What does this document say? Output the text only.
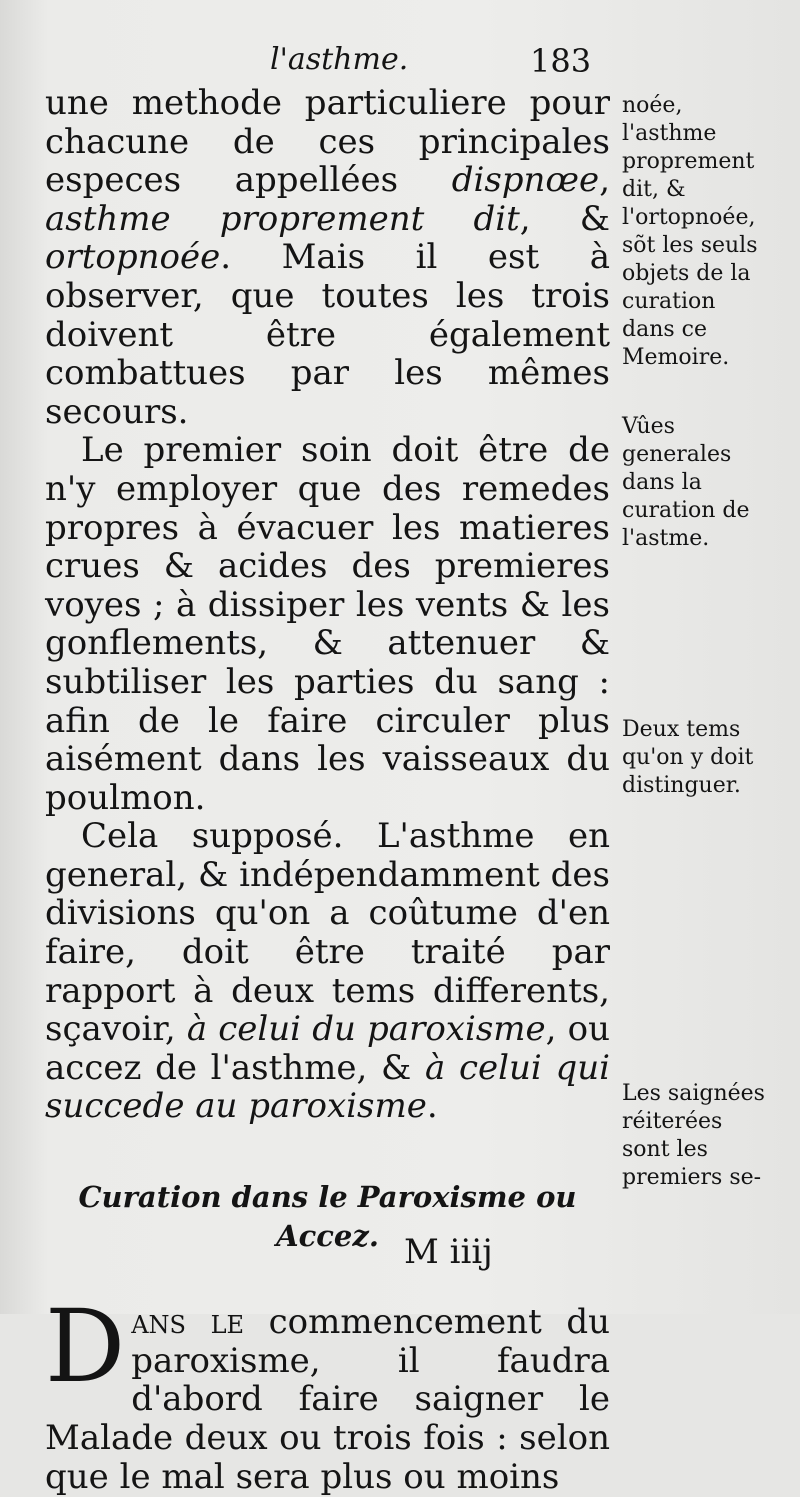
l'asthme.	183

une methode particuliere pour chacune de ces principales especes appellées dispnœe, asthme proprement dit, & ortopnoée. Mais il est à observer, que toutes les trois doivent être également combattues par les mêmes secours.

Le premier soin doit être de n'y employer que des remedes propres à évacuer les matieres crues & acides des premieres voyes ; à dissiper les vents & les gonflements, & attenuer & subtiliser les parties du sang : afin de le faire circuler plus aisément dans les vaisseaux du poulmon.

Cela supposé. L'asthme en general, & indépendamment des divisions qu'on a coûtume d'en faire, doit être traité par rapport à deux tems differents, sçavoir, à celui du paroxisme, ou accez de l'asthme, & à celui qui succede au paroxisme.

Curation dans le Paroxisme ou Accez.

Dans le commencement du paroxisme, il faudra d'abord faire saigner le Malade deux ou trois fois : selon que le mal sera plus ou moins

M iiij
noée, l'asthme proprement dit, & l'ortopnoée, sõt les seuls objets de la curation dans ce Memoire.
Vûes generales dans la curation de l'astme.
Deux tems qu'on y doit distinguer.
Les saignées réiterées sont les premiers se-
